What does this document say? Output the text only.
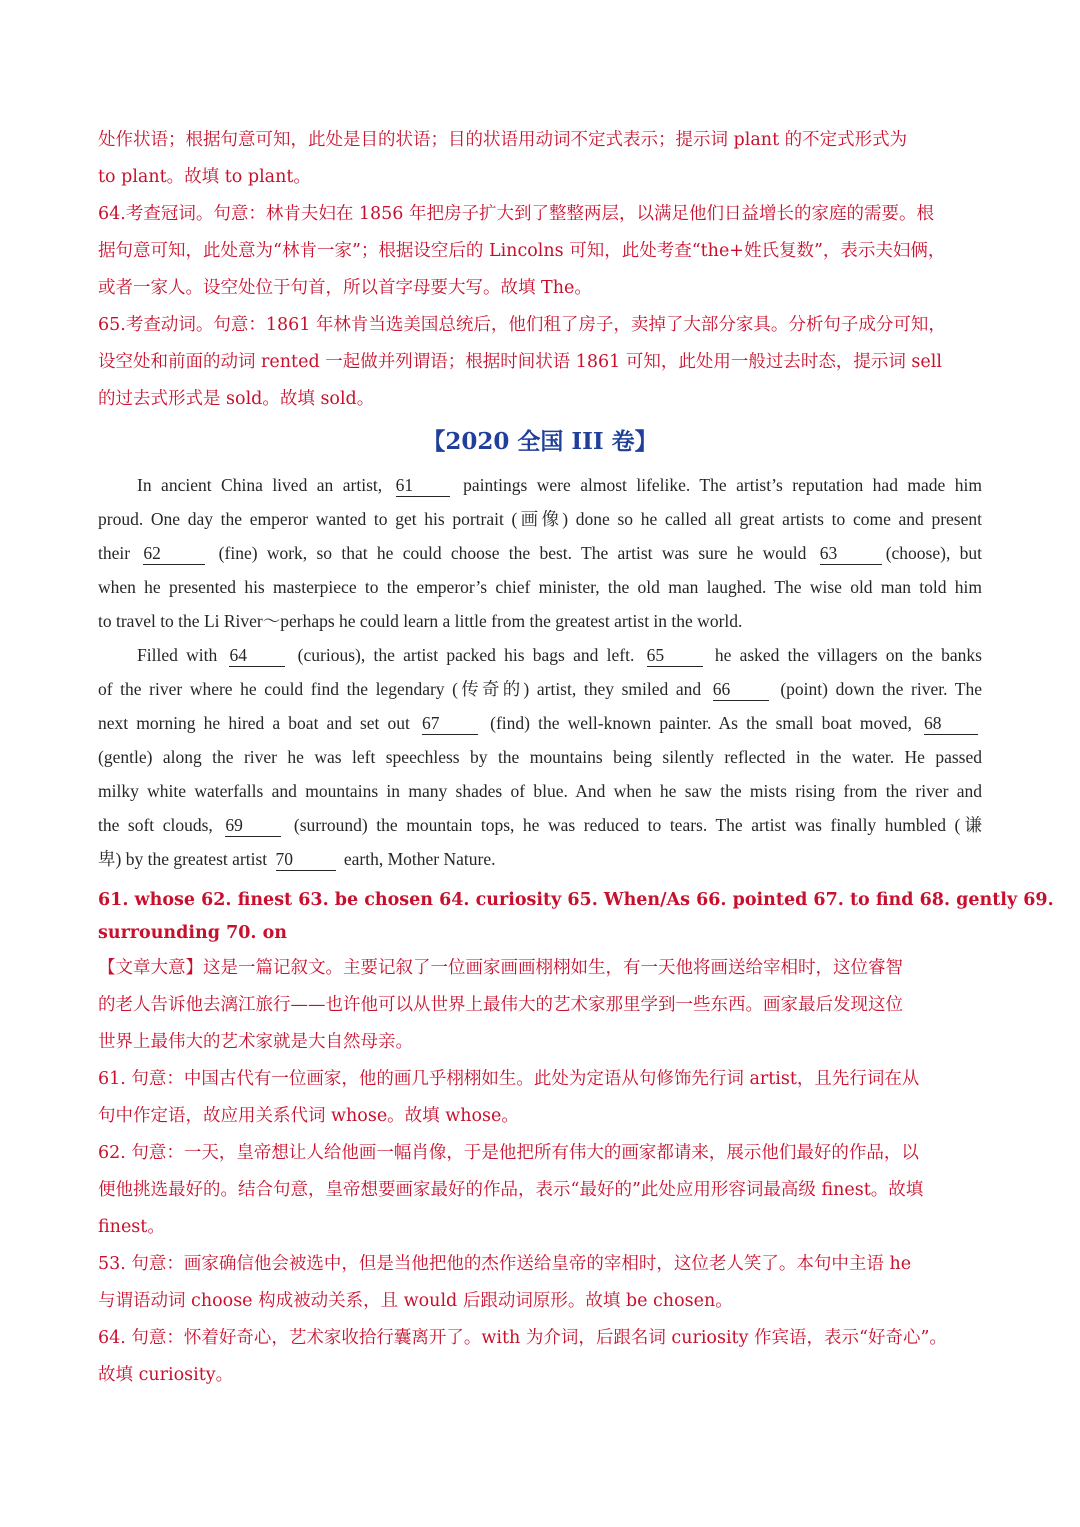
处作状语；根据句意可知，此处是目的状语；目的状语用动词不定式表示；提示词 plant 的不定式形式为
to plant。故填 to plant。
64.考查冠词。句意：林肯夫妇在 1856 年把房子扩大到了整整两层，以满足他们日益增长的家庭的需要。根
据句意可知，此处意为“林肯一家”；根据设空后的 Lincolns 可知，此处考查“the+姓氏复数”，表示夫妇俩，
或者一家人。设空处位于句首，所以首字母要大写。故填 The。
65.考查动词。句意：1861 年林肯当选美国总统后，他们租了房子，卖掉了大部分家具。分析句子成分可知，
设空处和前面的动词 rented 一起做并列谓语；根据时间状语 1861 可知，此处用一般过去时态，提示词 sell
的过去式形式是 sold。故填 sold。
【2020 全国 III 卷】
In ancient China lived an artist, 61 paintings were almost lifelike. The artist’s reputation had made him
proud. One day the emperor wanted to get his portrait (画像) done so he called all great artists to come and present
their 62	(fine) work, so that he could choose the best. The artist was sure he would 63	(choose), but
when he presented his masterpiece to the emperor’s chief minister, the old man laughed. The wise old man told him
to travel to the Li River～perhaps he could learn a little from the greatest artist in the world.
Filled with 64 (curious), the artist packed his bags and left. 65 he asked the villagers on the banks
of the river where he could find the legendary (传奇的) artist, they smiled and 66 (point) down the river. The
next morning he hired a boat and set out 67 (find) the well-known painter. As the small boat moved, 68
(gentle) along the river he was left speechless by the mountains being silently reflected in the water. He passed
milky white waterfalls and mountains in many shades of blue. And when he saw the mists rising from the river and
the soft clouds, 69 (surround) the mountain tops, he was reduced to tears. The artist was finally humbled (谦
卑) by the greatest artist 70	earth, Mother Nature.
61. whose 62. finest 63. be chosen 64. curiosity 65. When/As 66. pointed 67. to find 68. gently 69.
surrounding 70. on
【文章大意】这是一篇记叙文。主要记叙了一位画家画画栩栩如生，有一天他将画送给宰相时，这位睿智
的老人告诉他去漓江旅行——也许他可以从世界上最伟大的艺术家那里学到一些东西。画家最后发现这位
世界上最伟大的艺术家就是大自然母亲。
61. 句意：中国古代有一位画家，他的画几乎栩栩如生。此处为定语从句修饰先行词 artist，且先行词在从
句中作定语，故应用关系代词 whose。故填 whose。
62. 句意：一天，皇帝想让人给他画一幅肖像，于是他把所有伟大的画家都请来，展示他们最好的作品，以
便他挑选最好的。结合句意，皇帝想要画家最好的作品，表示“最好的”此处应用形容词最高级 finest。故填
finest。
53. 句意：画家确信他会被选中，但是当他把他的杰作送给皇帝的宰相时，这位老人笑了。本句中主语 he
与谓语动词 choose 构成被动关系，且 would 后跟动词原形。故填 be chosen。
64. 句意：怀着好奇心，艺术家收拾行囊离开了。with 为介词，后跟名词 curiosity 作宾语，表示“好奇心”。
故填 curiosity。
